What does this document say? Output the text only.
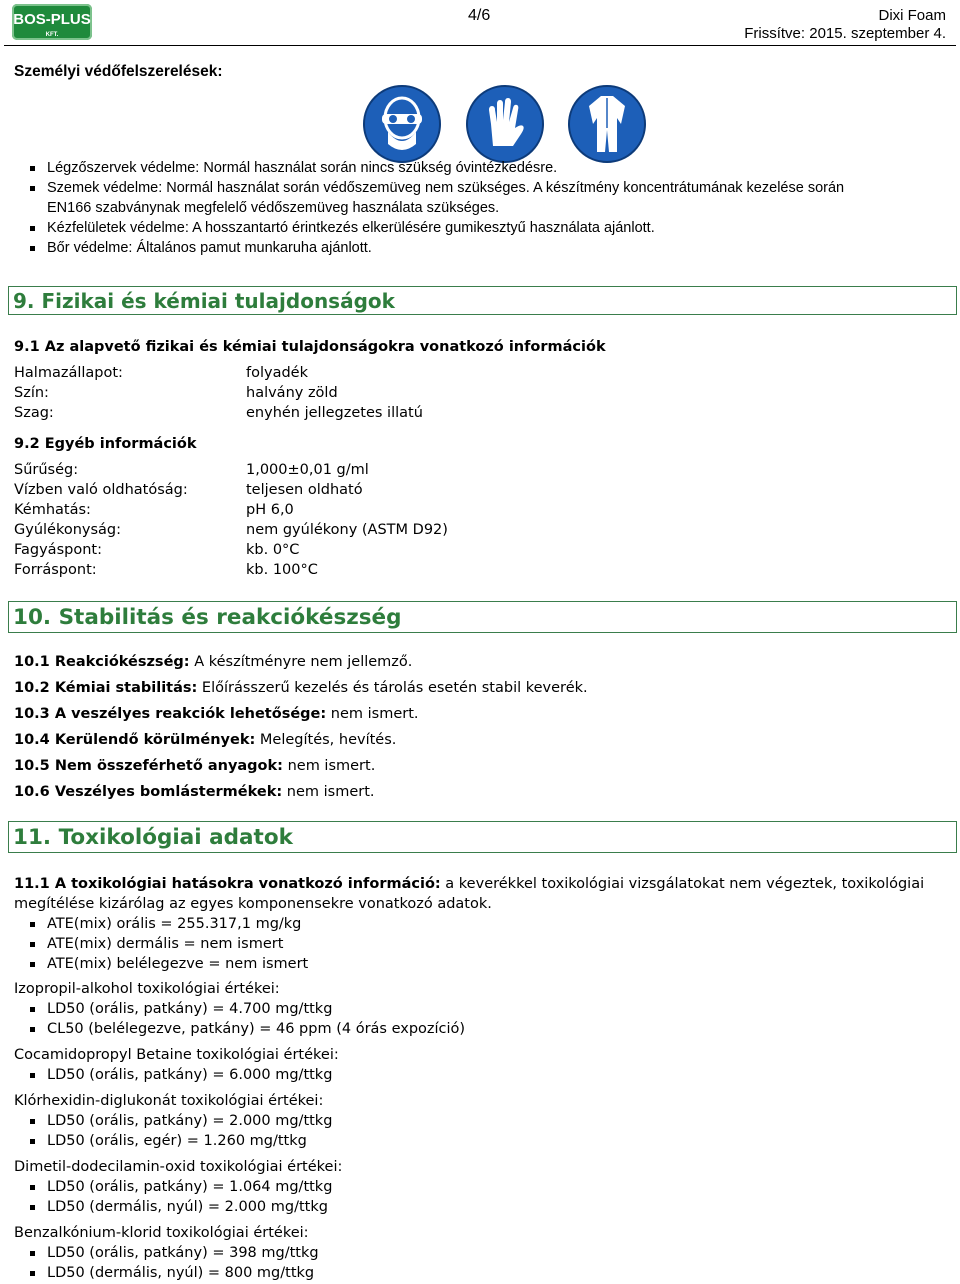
BOS-PLUS
KFT.
4/6	Dixi Foam
Frissítve: 2015. szeptember 4.
Személyi védőfelszerelések:
Légzőszervek védelme: Normál használat során nincs szükség óvintézkedésre.
Szemek védelme: Normál használat során védőszemüveg nem szükséges. A készítmény koncentrátumának kezelése során
EN166 szabványnak megfelelő védőszemüveg használata szükséges.
Kézfelületek védelme: A hosszantartó érintkezés elkerülésére gumikesztyű használata ajánlott.
Bőr védelme: Általános pamut munkaruha ajánlott.
9. Fizikai és kémiai tulajdonságok
9.1 Az alapvető fizikai és kémiai tulajdonságokra vonatkozó információk
Halmazállapot:	folyadék
Szín:	halvány zöld
Szag:	enyhén jellegzetes illatú
9.2 Egyéb információk
Sűrűség:	1,000±0,01 g/ml
Vízben való oldhatóság:	teljesen oldható
Kémhatás:	pH 6,0
Gyúlékonyság:	nem gyúlékony (ASTM D92)
Fagyáspont:	kb. 0°C
Forráspont:	kb. 100°C
10. Stabilitás és reakciókészség
10.1 Reakciókészség: A készítményre nem jellemző.
10.2 Kémiai stabilitás: Előírásszerű kezelés és tárolás esetén stabil keverék.
10.3 A veszélyes reakciók lehetősége: nem ismert.
10.4 Kerülendő körülmények: Melegítés, hevítés.
10.5 Nem összeférhető anyagok: nem ismert.
10.6 Veszélyes bomlástermékek: nem ismert.
11. Toxikológiai adatok
11.1 A toxikológiai hatásokra vonatkozó információ: a keverékkel toxikológiai vizsgálatokat nem végeztek, toxikológiai
megítélése kizárólag az egyes komponensekre vonatkozó adatok.
ATE(mix) orális = 255.317,1 mg/kg
ATE(mix) dermális = nem ismert
ATE(mix) belélegezve = nem ismert
Izopropil-alkohol toxikológiai értékei:
LD50 (orális, patkány) = 4.700 mg/ttkg
CL50 (belélegezve, patkány) = 46 ppm (4 órás expozíció)
Cocamidopropyl Betaine toxikológiai értékei:
LD50 (orális, patkány) = 6.000 mg/ttkg
Klórhexidin-diglukonát toxikológiai értékei:
LD50 (orális, patkány) = 2.000 mg/ttkg
LD50 (orális, egér) = 1.260 mg/ttkg
Dimetil-dodecilamin-oxid toxikológiai értékei:
LD50 (orális, patkány) = 1.064 mg/ttkg
LD50 (dermális, nyúl) = 2.000 mg/ttkg
Benzalkónium-klorid toxikológiai értékei:
LD50 (orális, patkány) = 398 mg/ttkg
LD50 (dermális, nyúl) = 800 mg/ttkg
